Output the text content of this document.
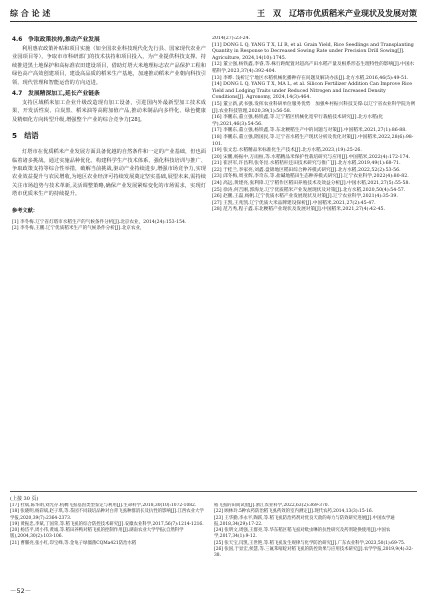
综 合 论 述	王　双　辽塔市优质稻米产业现状及发展对策

4.6　争取政策扶持,推动产业发展

利用惠农政策补贴和项目实施（如全国农业科技现代化先行县、国家现代农业产业园项目等），争取市市科研部门的技术扶持和项目投入，为产业提供科技支撑。持续推进黑土地保护和高标准农田建设项目，借助灯塔大米地理标志农产品保护工程和绿色高产高效创建项目，建设高品质的稻米生产基地，加速推动稻米产业朝向科技引领、现代管理和智能运营的方向迈进。

4.7　发展精深加工,延长产业链条

支持区域稻米加工企业升级改造现有加工设备，引进国内外最新型加工技术成果，开发活性炭、白炭黑、稻米油等高附加值产品,推动米制品向多样化、绿色健康及精细化方向转型升级,增强整个产业的综合竞争力[28]。

5　结语

灯塔市在优质稻米产业发展方面具备优越的自然条件和一定的产业基础，但也面临着诸多挑战。通过实施品种优化、构建科学生产技术体系、强化科技培训与推广、争取政策支持等综合性举措，破解当前挑战,驱动产业持续进步,增强市场竞争力,实现农业效益提升与农民增收,为地区农业经济可持续发展奠定坚实基础,展望未来,需持续关注市场趋势与技术革新,灵活调整策略,确保产业发展紧贴变化的市场需求，实现灯塔市优质米生产的持续提升。

参考文献：

[1] 李冬梅.辽宁省灯塔市水稻生产的气候条件分析[J].北京农业，2014(24):153-154.

[2] 李冬梅,王鹏.辽宁优质稻米生产的气候条件分析[J].北京农业，

2014(27):23-24.

[11] DONG L Q, YANG T X, LI R, et al. Grain Yield, Rice Seedlings and Transplanting Quantity in Response to Decreased Sowing Rate under Precision Drill Sowing[J]. Agriculture, 2024,14(10):1745.

[12] 董立强,杨铁鑫,李睿,等.株行距配置对超高产田水稻产量及根系形态生理特性的影响[J].中国水稻科学,2023,37(4):392-404.

[13] 李晔. 浅析辽宁地区水稻机械化播种存在问题及解决办法[J].北方水稻,2016,46(5):49-51.

[14] DONG L Q, YANG T X, MA L, et al. Silicon Fertilizer Addition Can Improve Rice Yield and Lodging Traits under Reduced Nitrogen and Increased Density Conditions[J]. Agronomy, 2024,14(3):464.

[15] 董立新,武书强.发挥农业科研单位服务优势　加强乡村振兴科技支撑:以辽宁省农业科学院为例[J].农业科技管理,2020,39(1):56-58.

[16] 李鹏东,董立强,杨铁鑫,等.辽宁稻区机械化宽窄行栽植技术研究[J].北方水稻(化学),2021,46(3):54-56.

[17] 李鹏东,董立强,杨铁鑫,等.东北粳稻生产中的问题与对策[J].中国稻米,2021,27(1):86-88.

[18] 李鹏东,董立强,隋国民,等.辽宁省水稻生产现状分析及优化对策[J].中国稻米,2022,28(6):98-101.

[19] 张文忠.水稻精品米标准化生产技术[J].北方水稻,2023,(19):25-26.

[20] 宋鹏,杨振中,万雨桓,等.水稻精品米保护性栽培研究与应用[J].中国稻米,2022(4):172-174.

[21] 崔洪军,许昌利,张冬昆.水稻秸秆还田技术研究与推广[J].北方水稻,2019,49(1):68-71.

[22] 于桂兰,李家亮,刘鑫.盘锦地区稻田综合种养模式研究[J].北方水稻,2022,52(2):53-56.

[23] 邱冬梅,周亚辉,李奇东,等.盐碱地稻田生态种养模式研究[J].辽宁农业科学,2022(4):80-82.

[24] 高远,黄建亮,张利锋.辽宁稻作区稻田养殖技术及效益分析[J].中国水稻,2021,27(5):55-58.

[25] 徐涛,何吉刚,郭海龙.辽宁优质稻米产业发展现状及对策[J].北方水稻,2020,50(4):54-57.

[26] 赵鹏,王磊,杨帆.辽宁优质水稻产业发展现状及对策[J].辽宁农业科学,2021(4):35-39.

[27] 王凯,王兆凯.辽宁优质大米品牌建设探析[J].中国稻米,2021,27(2):45-47.

[28] 范乃秀,程子鑫.东北粳稻产业现状及发展对策[J].中国稻米,2021,27(4):42-45.

(上接 30 页)

[17] 杜斌,陈华朗,刘光存.杭稠飞虱基因类型鉴定与利用[J].生命科学,2018,30(10):1072-1082.

[18] 张晓明,杨彩斌,赵子琪,等.茶园不同栽培品种对白背飞虱种群消长及抗性的影响[J].江西农业大学学报,2020,39(7):2364-2373.

[19] 黄振忠,李斌,丁国荣,等.稻飞虱的综合防控技术研究[J].安徽农业科学,2017,56(7):1214-1216.

[20] 杨岱平,周小伟,黄诚,等.稻田养鸭对稻飞虱的控制作用[J].湖南农业大学学报(自然科学版),2004,30(2):103-106.

[21] 曹馨亮,张小红,印宝峰,等.金龟子绿僵菌CQMa421防治水稻

稻飞虱的田间试验[J].浙江农业科学,2022,63(2):369-370.

[22] 顾林玲.5种农药防治稻飞虱药效的室内测定[J].现代农药,2014,13(3):15-16.

[23] 王华勤,李永平,陶跃,等.稻飞虱防治药剂对优良天敌的毒力与防效研究进展[J].中国农学通报,2018,34(29):17-22.

[24] 张明文,周强,王群亮,等.华东稻区稻飞虱对吡虫啉的抗性研究及药剂轮换使用[J].中国农学,2017,34(1):9-12.

[25] 张天宝,闫凯,王世艳,等.稻飞虱发生规律与化学防治研究[J].广东农业科学,2023,50(1):69-75.

[26] 张国,于显宏,侯慧,等.三氟苯嘧啶对稻飞虱的防控效果与应用技术研究[J].农学学报,2019,9(4):32-38.

－52－
